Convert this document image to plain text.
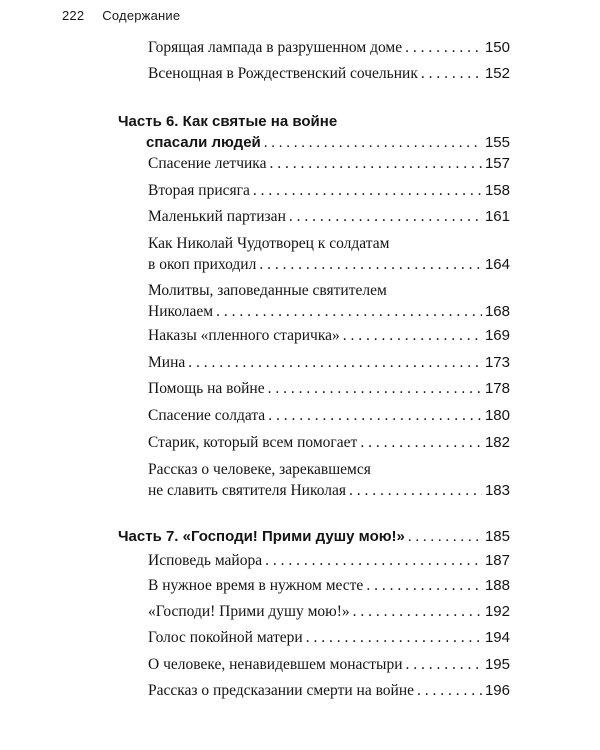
222 Содержание
Горящая лампада в разрушенном доме . . .	150
Всенощная в Рождественский сочельник . . .	152
Часть 6. Как святые на войне
спасали людей . . .	155
Спасение летчика . . .	157
Вторая присяга . . .	158
Маленький партизан . . .	161
Как Николай Чудотворец к солдатам
в окоп приходил . . .	164
Молитвы, заповеданные святителем
Николаем . . .	168
Наказы «пленного старичка» . . .	169
Мина . . .	173
Помощь на войне . . .	178
Спасение солдата . . .	180
Старик, который всем помогает . . .	182
Рассказ о человеке, зарекавшемся
не славить святителя Николая . . .	183
Часть 7. «Господи! Прими душу мою!» . . .	185
Исповедь майора . . .	187
В нужное время в нужном месте . . .	188
«Господи! Прими душу мою!» . . .	192
Голос покойной матери . . .	194
О человеке, ненавидевшем монастыри . . .	195
Рассказ о предсказании смерти на войне . . .	196
